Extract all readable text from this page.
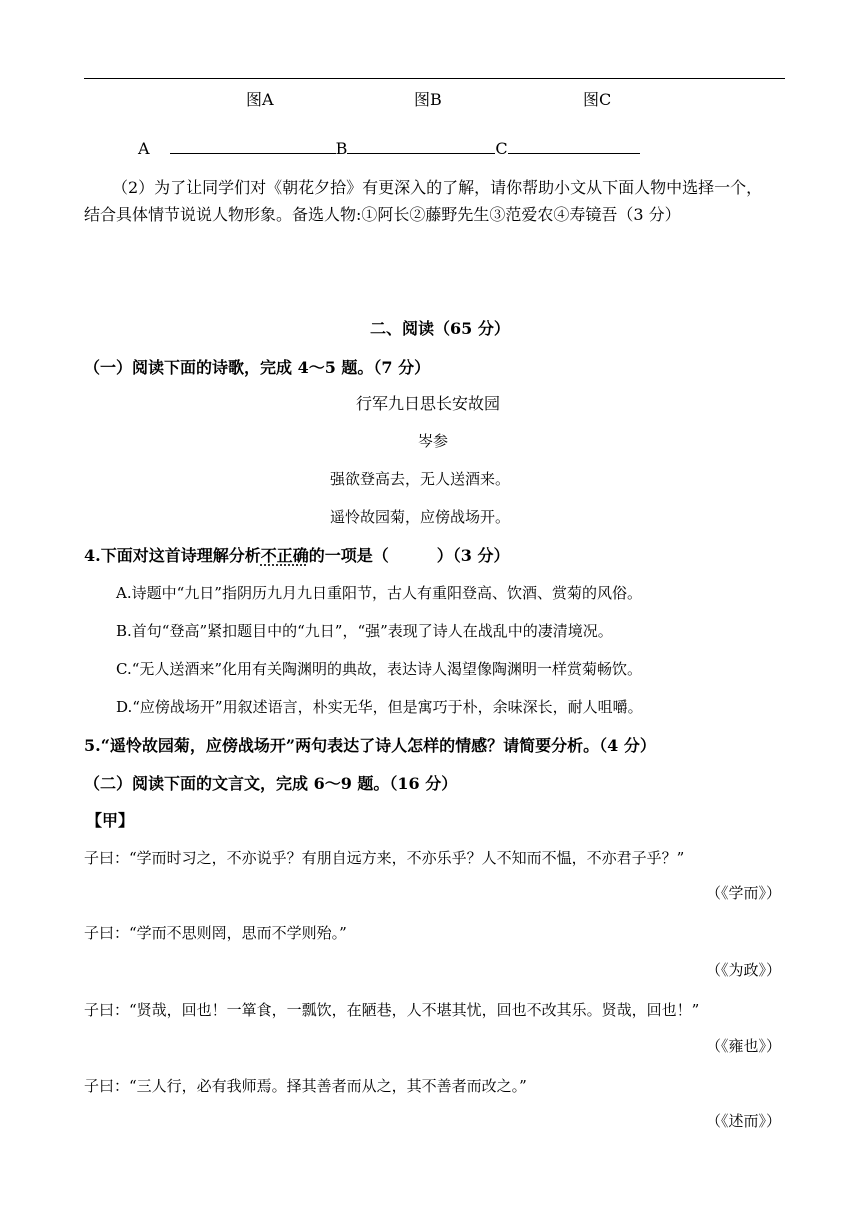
图A	图B	图C
A	B	C
（2）为了让同学们对《朝花夕拾》有更深入的了解，请你帮助小文从下面人物中选择一个，
结合具体情节说说人物形象。备选人物:①阿长②藤野先生③范爱农④寿镜吾（3 分）
二、阅读（65 分）
（一）阅读下面的诗歌，完成 4～5 题。（7 分）
行军九日思长安故园
岑参
强欲登高去，无人送酒来。
遥怜故园菊，应傍战场开。
4.下面对这首诗理解分析不正确的一项是（　　　）（3 分）
A.诗题中“九日”指阴历九月九日重阳节，古人有重阳登高、饮酒、赏菊的风俗。
B.首句“登高”紧扣题目中的“九日”，“强”表现了诗人在战乱中的凄清境况。
C.“无人送酒来”化用有关陶渊明的典故，表达诗人渴望像陶渊明一样赏菊畅饮。
D.“应傍战场开”用叙述语言，朴实无华，但是寓巧于朴，余味深长，耐人咀嚼。
5.“遥怜故园菊，应傍战场开”两句表达了诗人怎样的情感？请简要分析。（4 分）
（二）阅读下面的文言文，完成 6～9 题。（16 分）
【甲】
子曰：“学而时习之，不亦说乎？有朋自远方来，不亦乐乎？人不知而不愠，不亦君子乎？”
（《学而》）
子曰：“学而不思则罔，思而不学则殆。”
（《为政》）
子曰：“贤哉，回也！一箪食，一瓢饮，在陋巷，人不堪其忧，回也不改其乐。贤哉，回也！”
（《雍也》）
子曰：“三人行，必有我师焉。择其善者而从之，其不善者而改之。”
（《述而》）
